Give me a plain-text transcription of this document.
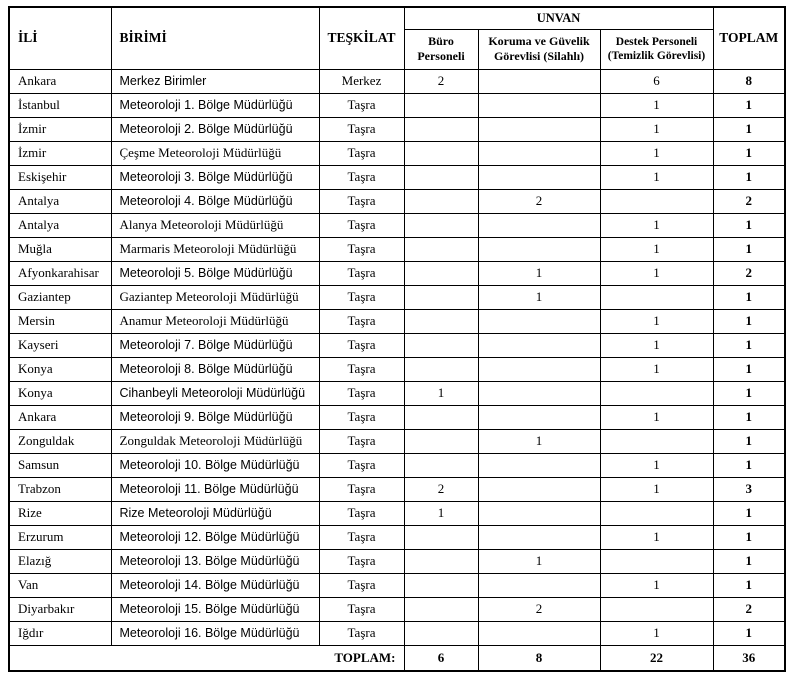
İLİ	BİRİMİ	TEŞKİLAT	UNVAN			TOPLAM
			Büro Personeli	Koruma ve Güvelik Görevlisi (Silahlı)	Destek Personeli (Temizlik Görevlisi)	
Ankara	Merkez Birimler	Merkez	2		6	8
İstanbul	Meteoroloji 1. Bölge Müdürlüğü	Taşra			1	1
İzmir	Meteoroloji 2. Bölge Müdürlüğü	Taşra			1	1
İzmir	Çeşme Meteoroloji Müdürlüğü	Taşra			1	1
Eskişehir	Meteoroloji 3. Bölge Müdürlüğü	Taşra			1	1
Antalya	Meteoroloji 4. Bölge Müdürlüğü	Taşra		2		2
Antalya	Alanya Meteoroloji Müdürlüğü	Taşra			1	1
Muğla	Marmaris Meteoroloji Müdürlüğü	Taşra			1	1
Afyonkarahisar	Meteoroloji 5. Bölge Müdürlüğü	Taşra		1	1	2
Gaziantep	Gaziantep Meteoroloji Müdürlüğü	Taşra		1		1
Mersin	Anamur Meteoroloji Müdürlüğü	Taşra			1	1
Kayseri	Meteoroloji 7. Bölge Müdürlüğü	Taşra			1	1
Konya	Meteoroloji 8. Bölge Müdürlüğü	Taşra			1	1
Konya	Cihanbeyli Meteoroloji Müdürlüğü	Taşra	1			1
Ankara	Meteoroloji 9. Bölge Müdürlüğü	Taşra			1	1
Zonguldak	Zonguldak Meteoroloji Müdürlüğü	Taşra		1		1
Samsun	Meteoroloji 10. Bölge Müdürlüğü	Taşra			1	1
Trabzon	Meteoroloji 11. Bölge Müdürlüğü	Taşra	2		1	3
Rize	Rize Meteoroloji Müdürlüğü	Taşra	1			1
Erzurum	Meteoroloji 12. Bölge Müdürlüğü	Taşra			1	1
Elazığ	Meteoroloji 13. Bölge Müdürlüğü	Taşra		1		1
Van	Meteoroloji 14. Bölge Müdürlüğü	Taşra			1	1
Diyarbakır	Meteoroloji 15. Bölge Müdürlüğü	Taşra		2		2
Iğdır	Meteoroloji 16. Bölge Müdürlüğü	Taşra			1	1
TOPLAM:			6	8	22	36
